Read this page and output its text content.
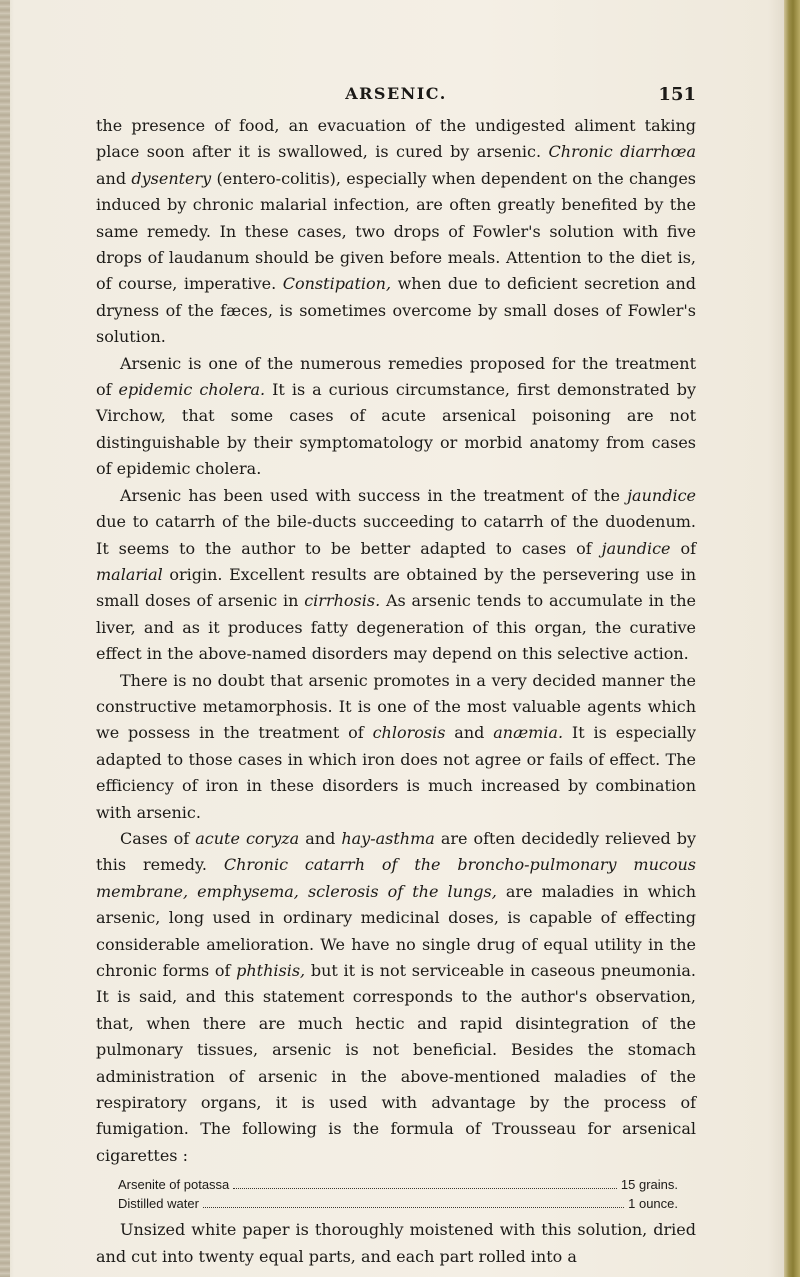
ARSENIC.	151

the presence of food, an evacuation of the undigested aliment taking place soon after it is swallowed, is cured by arsenic. Chronic diarrhœa and dysentery (entero-colitis), especially when dependent on the changes induced by chronic malarial infection, are often greatly benefited by the same remedy. In these cases, two drops of Fowler's solution with five drops of laudanum should be given before meals. Attention to the diet is, of course, imperative. Constipation, when due to deficient secretion and dryness of the fæces, is sometimes overcome by small doses of Fowler's solution.

Arsenic is one of the numerous remedies proposed for the treatment of epidemic cholera. It is a curious circumstance, first demonstrated by Virchow, that some cases of acute arsenical poisoning are not distinguishable by their symptomatology or morbid anatomy from cases of epidemic cholera.

Arsenic has been used with success in the treatment of the jaundice due to catarrh of the bile-ducts succeeding to catarrh of the duodenum. It seems to the author to be better adapted to cases of jaundice of malarial origin. Excellent results are obtained by the persevering use in small doses of arsenic in cirrhosis. As arsenic tends to accumulate in the liver, and as it produces fatty degeneration of this organ, the curative effect in the above-named disorders may depend on this selective action.

There is no doubt that arsenic promotes in a very decided manner the constructive metamorphosis. It is one of the most valuable agents which we possess in the treatment of chlorosis and anæmia. It is especially adapted to those cases in which iron does not agree or fails of effect. The efficiency of iron in these disorders is much increased by combination with arsenic.

Cases of acute coryza and hay-asthma are often decidedly relieved by this remedy. Chronic catarrh of the broncho-pulmonary mucous membrane, emphysema, sclerosis of the lungs, are maladies in which arsenic, long used in ordinary medicinal doses, is capable of effecting considerable amelioration. We have no single drug of equal utility in the chronic forms of phthisis, but it is not serviceable in caseous pneumonia. It is said, and this statement corresponds to the author's observation, that, when there are much hectic and rapid disintegration of the pulmonary tissues, arsenic is not beneficial. Besides the stomach administration of arsenic in the above-mentioned maladies of the respiratory organs, it is used with advantage by the process of fumigation. The following is the formula of Trousseau for arsenical cigarettes :

Arsenite of potassa	15 grains.
Distilled water	1 ounce.

Unsized white paper is thoroughly moistened with this solution, dried and cut into twenty equal parts, and each part rolled into a
